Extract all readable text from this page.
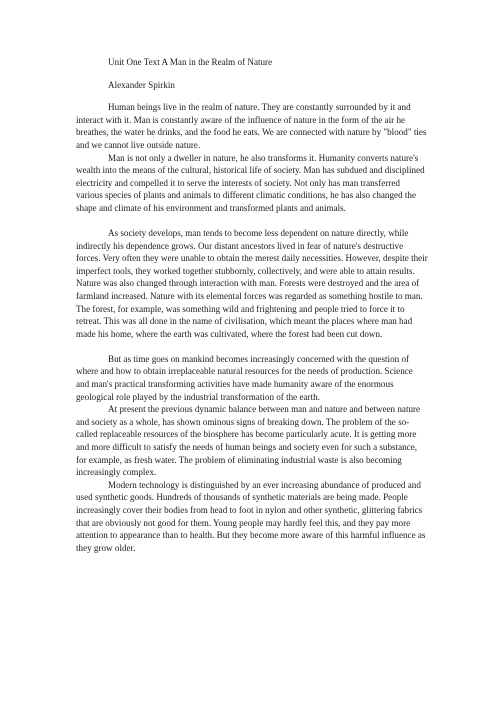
Unit One Text A Man in the Realm of Nature

Alexander Spirkin

Human beings live in the realm of nature. They are constantly surrounded by it and interact with it. Man is constantly aware of the influence of nature in the form of the air he breathes, the water he drinks, and the food he eats. We are connected with nature by "blood" ties and we cannot live outside nature.

Man is not only a dweller in nature, he also transforms it. Humanity converts nature's wealth into the means of the cultural, historical life of society. Man has subdued and disciplined electricity and compelled it to serve the interests of society. Not only has man transferred various species of plants and animals to different climatic conditions, he has also changed the shape and climate of his environment and transformed plants and animals.

As society develops, man tends to become less dependent on nature directly, while indirectly his dependence grows. Our distant ancestors lived in fear of nature's destructive forces. Very often they were unable to obtain the merest daily necessities. However, despite their imperfect tools, they worked together stubbornly, collectively, and were able to attain results. Nature was also changed through interaction with man. Forests were destroyed and the area of farmland increased. Nature with its elemental forces was regarded as something hostile to man. The forest, for example, was something wild and frightening and people tried to force it to retreat. This was all done in the name of civilisation, which meant the places where man had made his home, where the earth was cultivated, where the forest had been cut down.

But as time goes on mankind becomes increasingly concerned with the question of where and how to obtain irreplaceable natural resources for the needs of production. Science and man's practical transforming activities have made humanity aware of the enormous geological role played by the industrial transformation of the earth.

At present the previous dynamic balance between man and nature and between nature and society as a whole, has shown ominous signs of breaking down. The problem of the so-called replaceable resources of the biosphere has become particularly acute. It is getting more and more difficult to satisfy the needs of human beings and society even for such a substance, for example, as fresh water. The problem of eliminating industrial waste is also becoming increasingly complex.

Modern technology is distinguished by an ever increasing abundance of produced and used synthetic goods. Hundreds of thousands of synthetic materials are being made. People increasingly cover their bodies from head to foot in nylon and other synthetic, glittering fabrics that are obviously not good for them. Young people may hardly feel this, and they pay more attention to appearance than to health. But they become more aware of this harmful influence as they grow older.
